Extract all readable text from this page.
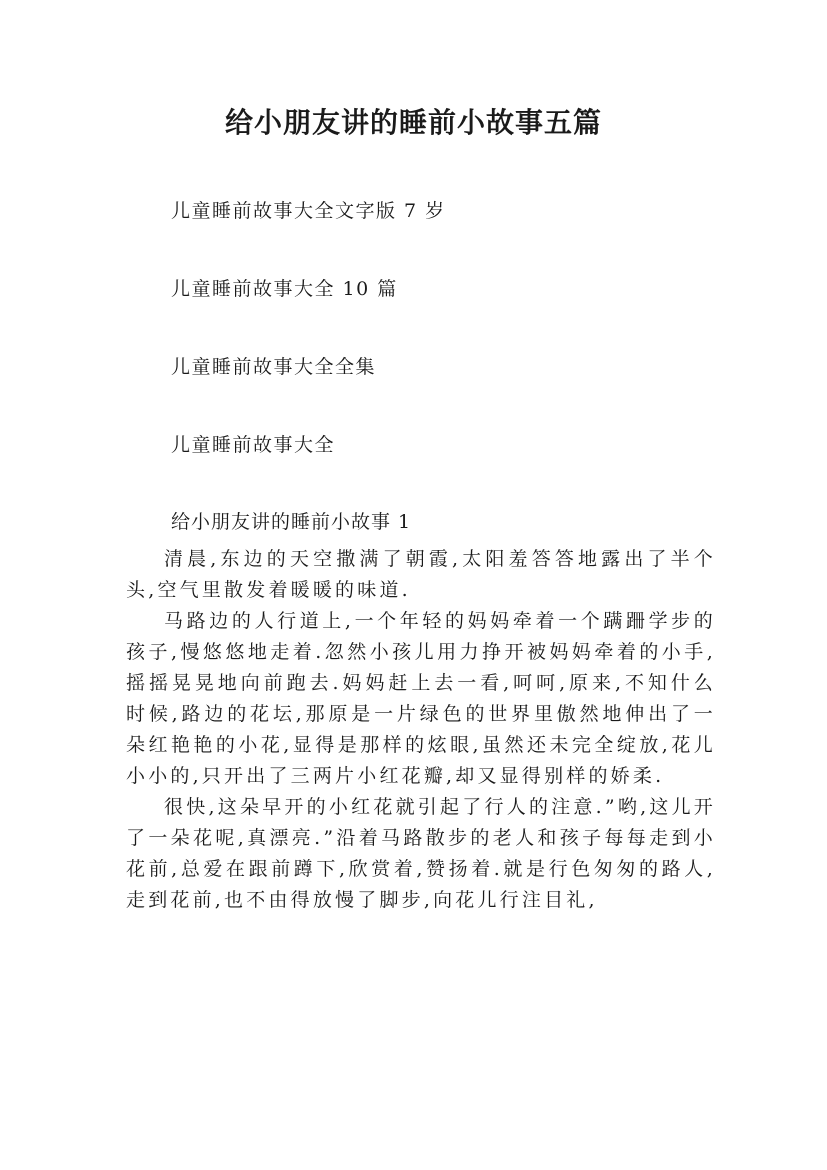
给小朋友讲的睡前小故事五篇
儿童睡前故事大全文字版 7 岁
儿童睡前故事大全 10 篇
儿童睡前故事大全全集
儿童睡前故事大全
给小朋友讲的睡前小故事 1

清晨,东边的天空撒满了朝霞,太阳羞答答地露出了半个头,空气里散发着暖暖的味道.

马路边的人行道上,一个年轻的妈妈牵着一个蹒跚学步的孩子,慢悠悠地走着.忽然小孩儿用力挣开被妈妈牵着的小手,摇摇晃晃地向前跑去.妈妈赶上去一看,呵呵,原来,不知什么时候,路边的花坛,那原是一片绿色的世界里傲然地伸出了一朵红艳艳的小花,显得是那样的炫眼,虽然还未完全绽放,花儿小小的,只开出了三两片小红花瓣,却又显得别样的娇柔.

很快,这朵早开的小红花就引起了行人的注意.”哟,这儿开了一朵花呢,真漂亮.”沿着马路散步的老人和孩子每每走到小花前,总爱在跟前蹲下,欣赏着,赞扬着.就是行色匆匆的路人,走到花前,也不由得放慢了脚步,向花儿行注目礼,
